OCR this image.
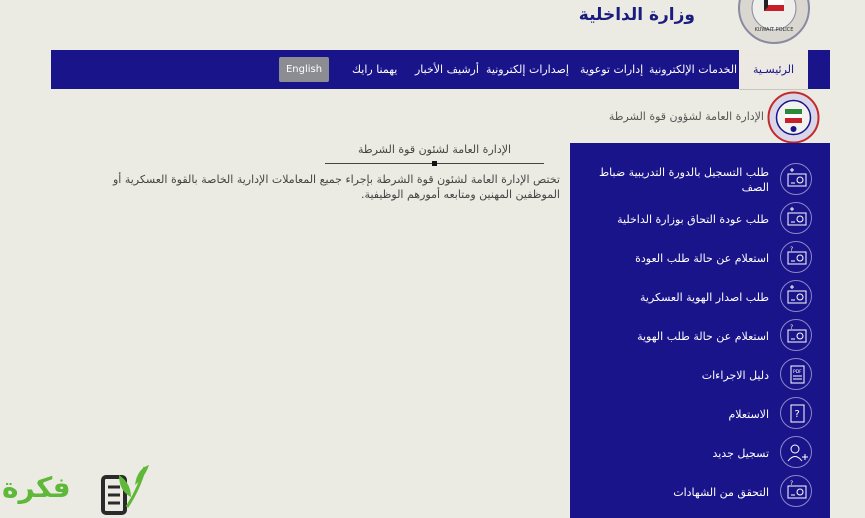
وزارة الداخلية
KUWAIT POLICE
الرئيسـية
الخدمات الإلكترونية
إدارات توعوية
إصدارات إلكترونية
أرشيف الأخبار
يهمنا رايك
English
الإدارة العامة لشؤون قوة الشرطة
طلب التسجيل بالدورة التدريبية ضباط الصف
طلب عودة التحاق بوزارة الداخلية
?
استعلام عن حالة طلب العودة
طلب اصدار الهوية العسكرية
?
استعلام عن حالة طلب الهوية
PDF
دليل الاجراءات
?
الاستعلام
تسجيل جديد
?
التحقق من الشهادات
الإدارة العامة لشئون قوة الشرطة
تختص الإدارة العامة لشئون قوة الشرطة بإجراء جميع المعاملات الإدارية الخاصة بالقوة العسكرية أو الموظفين المهنين ومتابعه أمورهم الوظيفية.
فكرة
